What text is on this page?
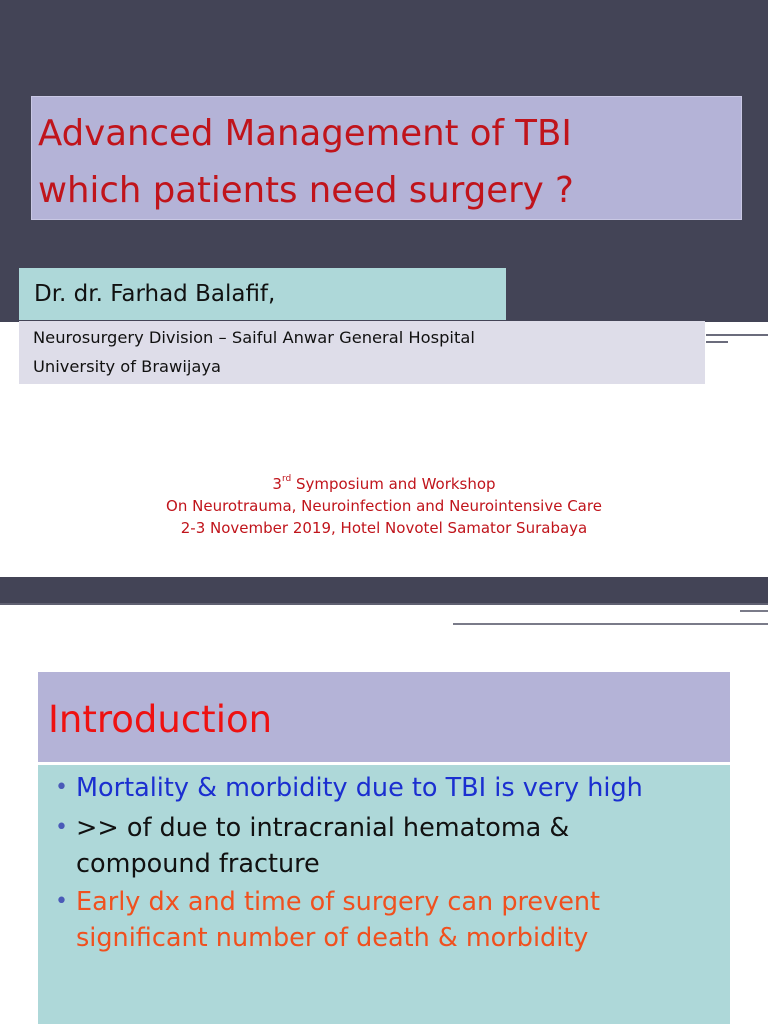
Advanced Management of TBI
which patients need surgery ?
Dr. dr. Farhad Balafif,
Neurosurgery Division – Saiful Anwar General Hospital
University of Brawijaya
3rd Symposium and Workshop
On Neurotrauma, Neuroinfection and Neurointensive Care
2-3 November 2019, Hotel Novotel Samator Surabaya
Introduction
• Mortality & morbidity due to TBI is very high
• >> of due to intracranial hematoma &
compound fracture
• Early dx and time of surgery can prevent
significant number of death & morbidity
